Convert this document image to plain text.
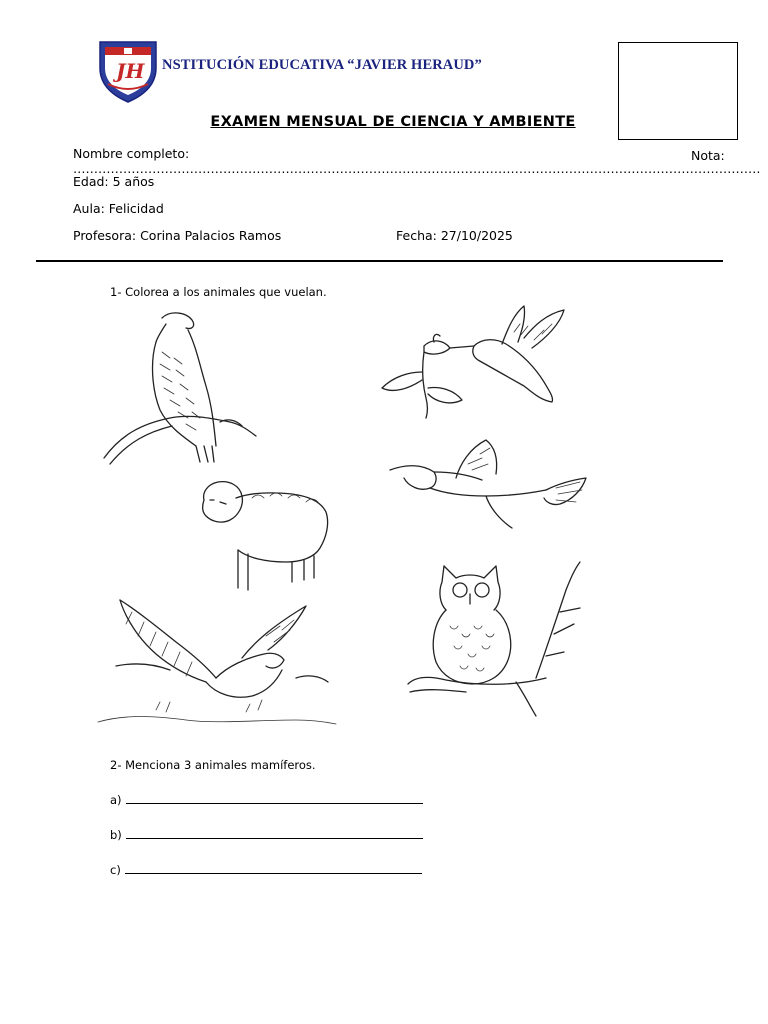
JH NSTITUCIÓN EDUCATIVA “JAVIER HERAUD”
EXAMEN MENSUAL DE CIENCIA Y AMBIENTE
Nombre completo: …………………………………………………………………………………………………………………………………………………
Nota:
Edad: 5 años
Aula: Felicidad
Profesora: Corina Palacios Ramos	Fecha: 27/10/2025
1- Colorea a los animales que vuelan.
2- Menciona 3 animales mamíferos.
a)
b)
c)
